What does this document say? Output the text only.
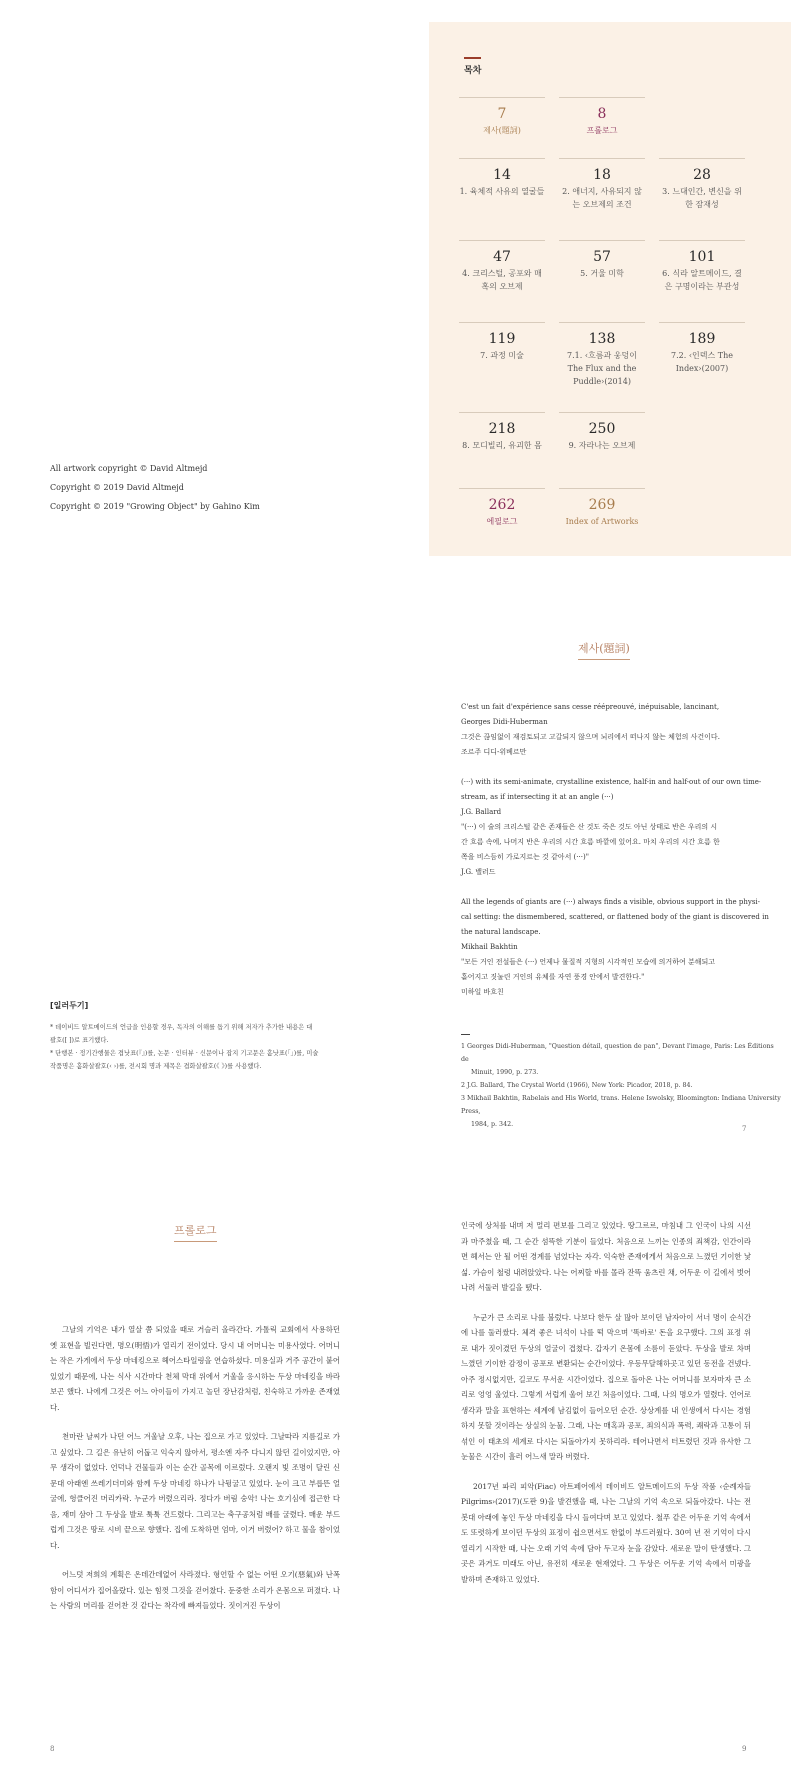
목차
7
제사(題詞)
8
프롤로그
14
1. 육체적 사유의 열굴들
18
2. 애너지, 사유되지 않는 오브제의 조건
28
3. 느대인간, 변신을 위한 잠재성
47
4. 크리스털, 공포와 매혹의 오브제
57
5. 거울 미학
101
6. 식라 알트메이드, 결은 구명이라는 부관성
119
7. 과정 미술
138
7.1. ‹흐름과 웅덩이 The Flux and the Puddle›(2014)
189
7.2. ‹인덱스 The Index›(2007)
218
8. 모디빌리, 유괴한 몸
250
9. 자라나는 오브제
262
에필로그
269
Index of Artworks
All artwork copyright © David Altmejd
Copyright © 2019 David Altmejd
Copyright © 2019 "Growing Object" by Gahino Kim
[일러두기]
* 데이비드 알트메이드의 언급을 인용할 경우, 독자의 이해를 돕기 위해 저자가 추가한 내용은 대
괄호([ ])로 표기했다.
* 단행본 · 정기간행물은 겹낫표(『』)를, 논문 · 인터뷰 · 신문이나 잡지 기고문은 홑낫표(「」)를, 미술
작품명은 홑화살괄호(‹ ›)를, 전시회 명과 제목은 겹화살괄호(《 》)를 사용했다.
제사(題詞)
C'est un fait d'expérience sans cesse réépreouvé, inépuisable, lancinant,
Georges Didi-Huberman
그것은 끊임없이 재검토되고 고갈되지 않으며 뇌리에서 떠나지 않는 체험의 사건이다.
조르주 디디-위베르만
(···) with its semi-animate, crystalline existence, half-in and half-out of our own time-
stream, as if intersecting it at an angle (···)
J.G. Ballard
"(···) 이 술의 크리스털 같은 존재들은 산 것도 죽은 것도 아닌 상태로 반은 우리의 시
간 흐름 속에, 나머지 반은 우리의 시간 흐름 바깥에 있어요. 마치 우리의 시간 흐름 한
쪽을 비스듬히 가로지르는 것 같아서 (···)"
J.G. 밸러드
All the legends of giants are (···) always finds a visible, obvious support in the physi-
cal setting: the dismembered, scattered, or flattened body of the giant is discovered in
the natural landscape.
Mikhail Bakhtin
"모든 거인 전설들은 (···) 언제나 물질적 지형의 시각적인 모습에 의거하여 분해되고
흩어지고 짓눌린 거인의 유체를 자연 풍경 안에서 발견한다."
미하일 바흐친
1 Georges Didi-Huberman, "Question détail, question de pan", Devant l'image, Paris: Les Éditions de
Minuit, 1990, p. 273.
2 J.G. Ballard, The Crystal World (1966), New York: Picador, 2018, p. 84.
3 Mikhail Bakhtin, Rabelais and His World, trans. Helene Iswolsky, Bloomington: Indiana University Press,
1984, p. 342.
7
프롤로그

그날의 기억은 내가 열살 쯤 되었을 때로 거슬러 올라간다. 가톨릭 교회에서 사용하던 옛 표현을 빌린다면, 명오(明悟)가 열리기 전이었다. 당시 내 어머니는 미용사였다. 어머니는 작은 가게에서 두상 마네킹으로 헤어스타일링을 연습하셨다. 미용실과 거주 공간이 붙어 있었기 때문에, 나는 식사 시간마다 천체 막대 위에서 거울을 응시하는 두상 마네킹을 바라보곤 했다. 나에게 그것은 어느 아이들이 가지고 놀던 장난감처럼, 친숙하고 가까운 존재였다.

천마란 날씨가 나던 어느 겨울날 오후, 나는 집으로 가고 있었다. 그날따라 지름길로 가고 싶었다. 그 길은 유난히 어둡고 익숙지 않아서, 평소엔 자주 다니지 않던 길이었지만, 아무 생각이 없었다. 언덕나 건물들과 이는 순간 골목에 이르렀다. 오랜지 빛 조명이 달린 신문대 아래엔 쓰레기더미와 함께 두상 마네킹 하나가 나뒹굴고 있었다. 눈이 크고 부릅뜬 얼굴에, 헝클어진 머리카락. 누군가 버렸으리라. 정다가 버림 숭악! 나는 호기심에 접근한 다음, 재미 삼아 그 두상을 발로 툭툭 건드렸다. 그리고는 축구공처럼 배를 굴렸다. 매운 부드럽게 그것은 땅로 시비 끝으로 향했다. 집에 도착하면 엄마, 이거 버렸어? 하고 물을 참이었다.

어느덧 저희의 계획은 온데간데없어 사라졌다. 형언할 수 없는 어떤 오기(惡氣)와 난폭함이 어디서가 집어올랐다. 있는 힘껏 그것을 걷어찼다. 둔중한 소리가 온몸으로 퍼졌다. 나는 사람의 머리를 걷어찬 것 같다는 착각에 빠져들었다. 짓이겨진 두상이

인국에 상처를 내며 저 멀리 편보를 그리고 있었다. 땅그르르, 마침내 그 인국이 나의 시선과 마주쳤을 때, 그 순간 섬뜩한 기분이 들었다. 처음으로 느끼는 인종의 죄책감, 인간이라면 헤서는 안 될 어떤 경계를 넘었다는 자각. 익숙한 존재에게서 처음으로 느꼈던 기이한 낯섦. 가슴이 철렁 내려앉았다. 나는 어찌할 바를 몰라 잔뜩 움츠린 채, 어두운 이 길에서 벗어나려 서둘러 발길을 뗐다.

누군가 큰 소리로 나를 불렀다. 나보다 한두 살 많아 보이던 남자아이 서너 명이 순식간에 나를 둘러쌌다. 체격 좋은 녀석이 나를 떡 막으며 '똑바로' 돈을 요구했다. 그의 표정 위로 내가 짓이겼던 두상의 얼굴이 겹쳤다. 갑자기 온몸에 소름이 돋았다. 두상을 발로 차며 느꼈던 기이한 감정이 공포로 변환되는 순간이었다. 우등무달해하곳고 있던 동전을 건넸다. 아주 정시없지만, 길코도 무서운 시간이었다. 집으로 돌아온 나는 어머니를 보자마자 큰 소리로 엉엉 울었다. 그렇게 서럽게 울어 보긴 처음이었다. 그때, 나의 명오가 열렸다. 언어로 생각과 말을 표현하는 세계에 남김없이 들어오던 순간. 상상계를 내 인생에서 다시는 경험하지 못할 것이라는 상실의 눈물. 그래, 나는 매혹과 공포, 죄의식과 폭력, 쾌락과 고통이 뒤섞인 이 태초의 세계로 다시는 되돌아가지 못하리라. 테어나면서 터트렸던 것과 유사한 그 눈물은 시간이 흘러 어느새 말라 버렸다.

2017년 파리 피악(Fiac) 아트페어에서 데이비드 알트메이드의 두상 작품 ‹순례자들 Pilgrims›(2017)(도판 9)을 발견했을 때, 나는 그날의 기억 속으로 되돌아갔다. 나는 전봇대 아래에 놓인 두상 마네킹을 다시 들여다며 보고 있었다. 철푸 같은 어두운 기억 속에서도 또렷하게 보이던 두상의 표정이 쉽으면서도 한없이 부드러웠다. 30여 년 전 기억이 다시 열리기 시작한 때, 나는 오래 기억 속에 담아 두고자 눈을 감았다. 새로운 말이 탄생했다. 그곳은 과거도 미래도 아닌, 유전히 새로운 현재였다. 그 두상은 어두운 기억 속에서 미광을 발하며 존재하고 있었다.

8	9
